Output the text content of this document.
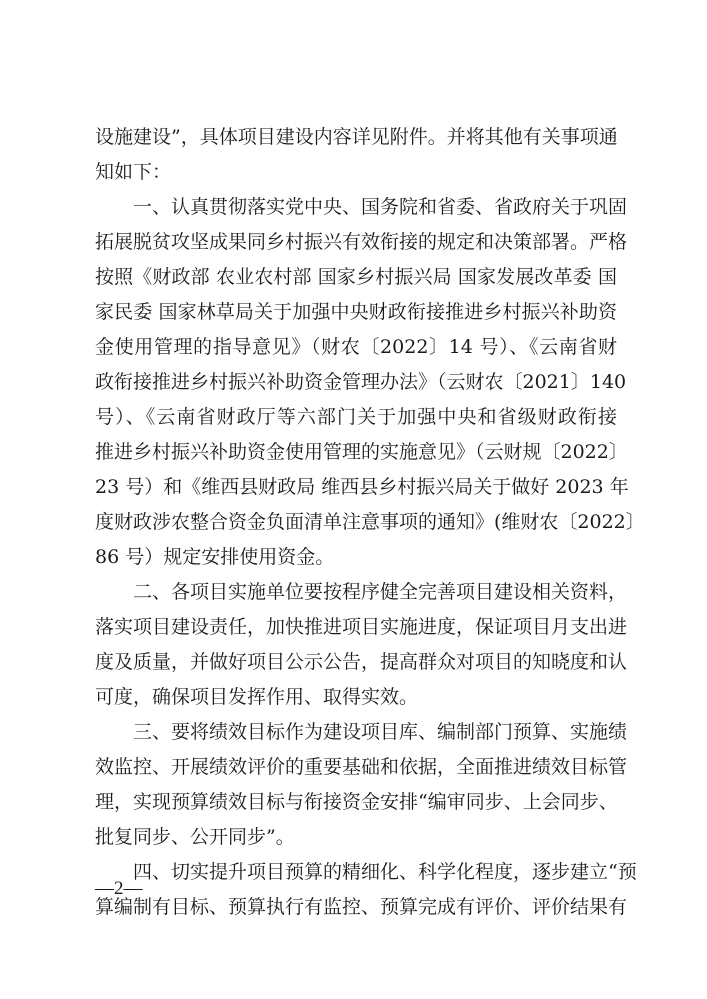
设施建设”，具体项目建设内容详见附件。并将其他有关事项通
知如下：
一、认真贯彻落实党中央、国务院和省委、省政府关于巩固
拓展脱贫攻坚成果同乡村振兴有效衔接的规定和决策部署。严格
按照《财政部 农业农村部 国家乡村振兴局 国家发展改革委 国
家民委 国家林草局关于加强中央财政衔接推进乡村振兴补助资
金使用管理的指导意见》（财农〔2022〕14 号）、《云南省财
政衔接推进乡村振兴补助资金管理办法》（云财农〔2021〕140
号）、《云南省财政厅等六部门关于加强中央和省级财政衔接
推进乡村振兴补助资金使用管理的实施意见》（云财规〔2022〕
23 号）和《维西县财政局 维西县乡村振兴局关于做好 2023 年
度财政涉农整合资金负面清单注意事项的通知》(维财农〔2022〕
86 号）规定安排使用资金。
二、各项目实施单位要按程序健全完善项目建设相关资料，
落实项目建设责任，加快推进项目实施进度，保证项目月支出进
度及质量，并做好项目公示公告，提高群众对项目的知晓度和认
可度，确保项目发挥作用、取得实效。
三、要将绩效目标作为建设项目库、编制部门预算、实施绩
效监控、开展绩效评价的重要基础和依据，全面推进绩效目标管
理，实现预算绩效目标与衔接资金安排“编审同步、上会同步、
批复同步、公开同步”。
四、切实提升项目预算的精细化、科学化程度，逐步建立“预
算编制有目标、预算执行有监控、预算完成有评价、评价结果有
—2—
